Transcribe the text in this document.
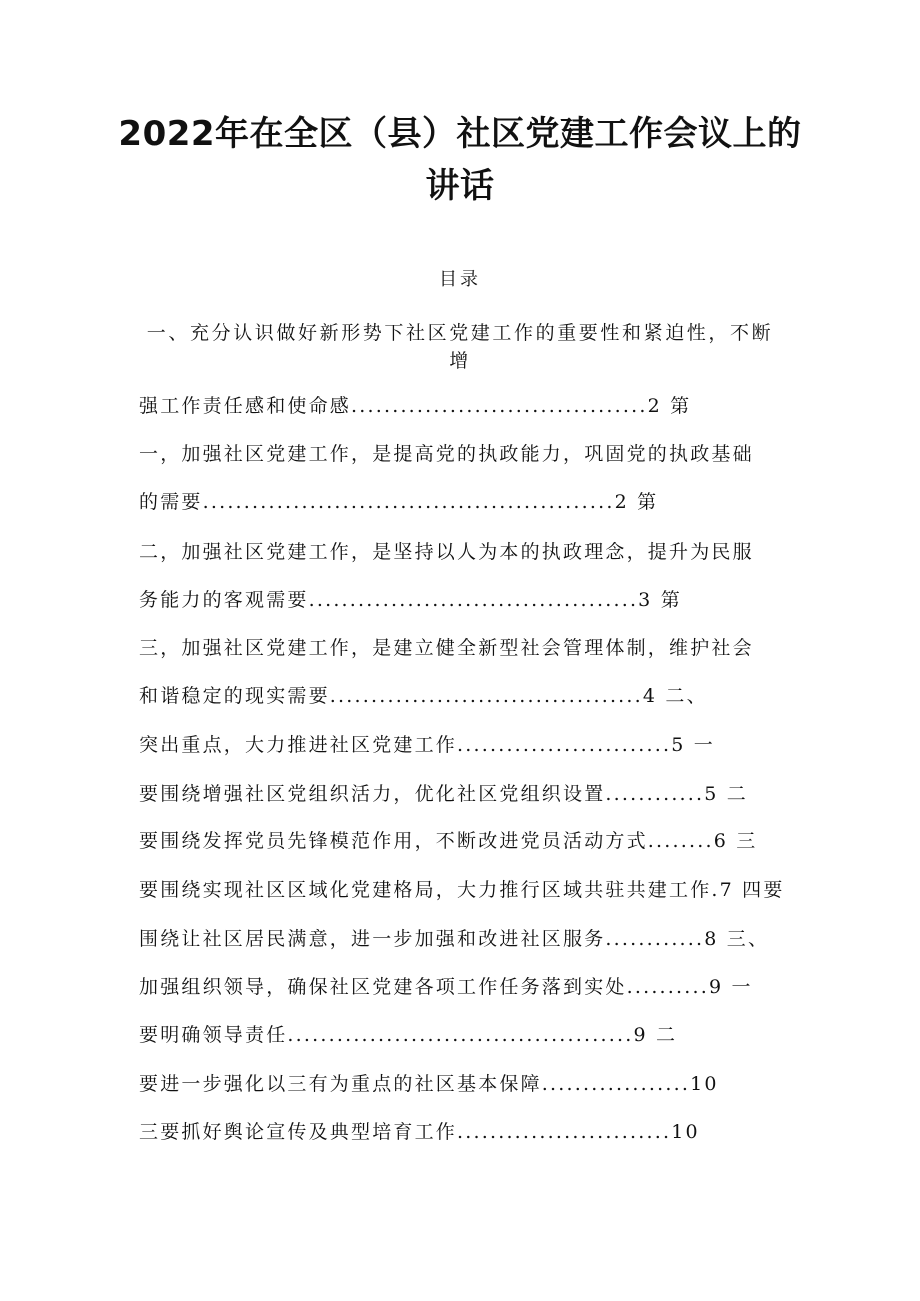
2022年在全区（县）社区党建工作会议上的
讲话
目录
一、充分认识做好新形势下社区党建工作的重要性和紧迫性，不断
增
强工作责任感和使命感....................................2 第
一，加强社区党建工作，是提高党的执政能力，巩固党的执政基础
的需要..................................................2 第
二，加强社区党建工作，是坚持以人为本的执政理念，提升为民服
务能力的客观需要........................................3 第
三，加强社区党建工作，是建立健全新型社会管理体制，维护社会
和谐稳定的现实需要......................................4 二、
突出重点，大力推进社区党建工作..........................5 一
要围绕增强社区党组织活力，优化社区党组织设置............5 二
要围绕发挥党员先锋模范作用，不断改进党员活动方式........6 三
要围绕实现社区区域化党建格局，大力推行区域共驻共建工作.7 四要
围绕让社区居民满意，进一步加强和改进社区服务............8 三、
加强组织领导，确保社区党建各项工作任务落到实处..........9 一
要明确领导责任..........................................9 二
要进一步强化以三有为重点的社区基本保障..................10
三要抓好舆论宣传及典型培育工作..........................10
